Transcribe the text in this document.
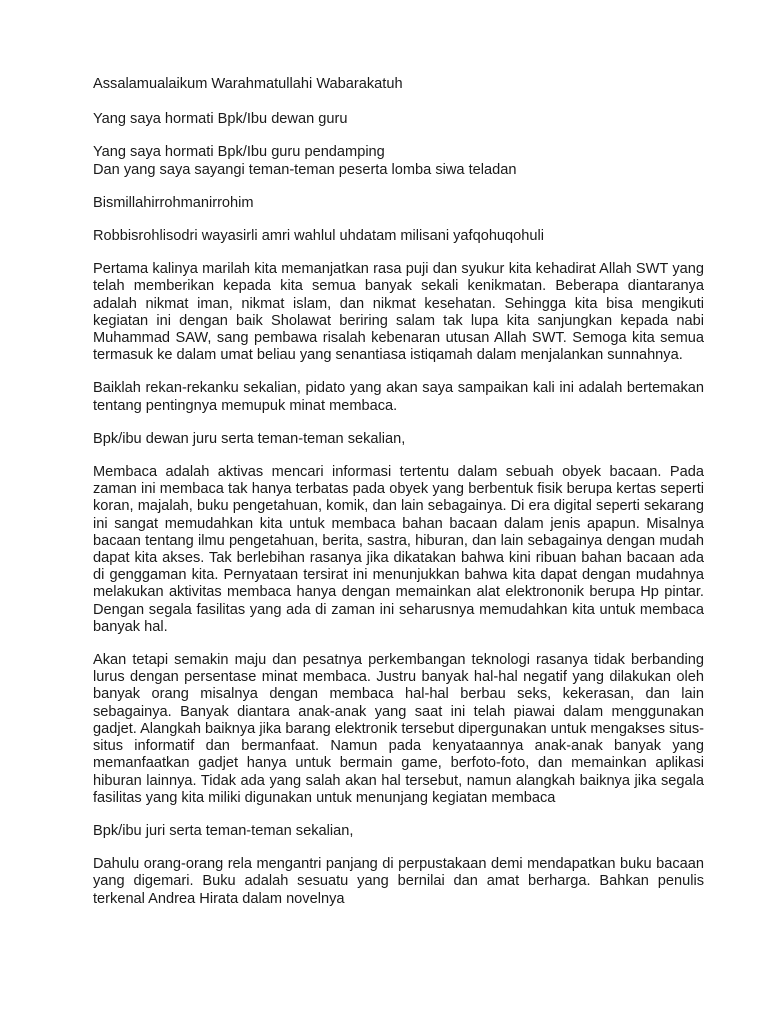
Assalamualaikum Warahmatullahi Wabarakatuh

Yang saya hormati Bpk/Ibu dewan guru

Yang saya hormati Bpk/Ibu guru pendamping

Dan yang saya sayangi teman-teman peserta lomba siwa teladan

Bismillahirrohmanirrohim

Robbisrohlisodri wayasirli amri wahlul uhdatam milisani yafqohuqohuli

Pertama kalinya marilah kita memanjatkan rasa puji dan syukur kita kehadirat Allah SWT yang telah memberikan kepada kita semua banyak sekali kenikmatan. Beberapa diantaranya adalah nikmat iman, nikmat islam, dan nikmat kesehatan. Sehingga kita bisa mengikuti kegiatan ini dengan baik Sholawat beriring salam tak lupa kita sanjungkan kepada nabi Muhammad SAW, sang pembawa risalah kebenaran utusan Allah SWT. Semoga kita semua termasuk ke dalam umat beliau yang senantiasa istiqamah dalam menjalankan sunnahnya.

Baiklah rekan-rekanku sekalian, pidato yang akan saya sampaikan kali ini adalah bertemakan tentang pentingnya memupuk minat membaca.

Bpk/ibu dewan juru serta teman-teman sekalian,

Membaca adalah aktivas mencari informasi tertentu dalam sebuah obyek bacaan. Pada zaman ini membaca tak hanya terbatas pada obyek yang berbentuk fisik berupa kertas seperti koran, majalah, buku pengetahuan, komik, dan lain sebagainya. Di era digital seperti sekarang ini sangat memudahkan kita untuk membaca bahan bacaan dalam jenis apapun. Misalnya bacaan tentang ilmu pengetahuan, berita, sastra, hiburan, dan lain sebagainya dengan mudah dapat kita akses. Tak berlebihan rasanya jika dikatakan bahwa kini ribuan bahan bacaan ada di genggaman kita. Pernyataan tersirat ini menunjukkan bahwa kita dapat dengan mudahnya melakukan aktivitas membaca hanya dengan memainkan alat elektrononik berupa Hp pintar. Dengan segala fasilitas yang ada di zaman ini seharusnya memudahkan kita untuk membaca banyak hal.

Akan tetapi semakin maju dan pesatnya perkembangan teknologi rasanya tidak berbanding lurus dengan persentase minat membaca. Justru banyak hal-hal negatif yang dilakukan oleh banyak orang misalnya dengan membaca hal-hal berbau seks, kekerasan, dan lain sebagainya. Banyak diantara anak-anak yang saat ini telah piawai dalam menggunakan gadjet. Alangkah baiknya jika barang elektronik tersebut dipergunakan untuk mengakses situs-situs informatif dan bermanfaat. Namun pada kenyataannya anak-anak banyak yang memanfaatkan gadjet hanya untuk bermain game, berfoto-foto, dan memainkan aplikasi hiburan lainnya. Tidak ada yang salah akan hal tersebut, namun alangkah baiknya jika segala fasilitas yang kita miliki digunakan untuk menunjang kegiatan membaca

Bpk/ibu juri serta teman-teman sekalian,

Dahulu orang-orang rela mengantri panjang di perpustakaan demi mendapatkan buku bacaan yang digemari. Buku adalah sesuatu yang bernilai dan amat berharga. Bahkan penulis terkenal Andrea Hirata dalam novelnya
